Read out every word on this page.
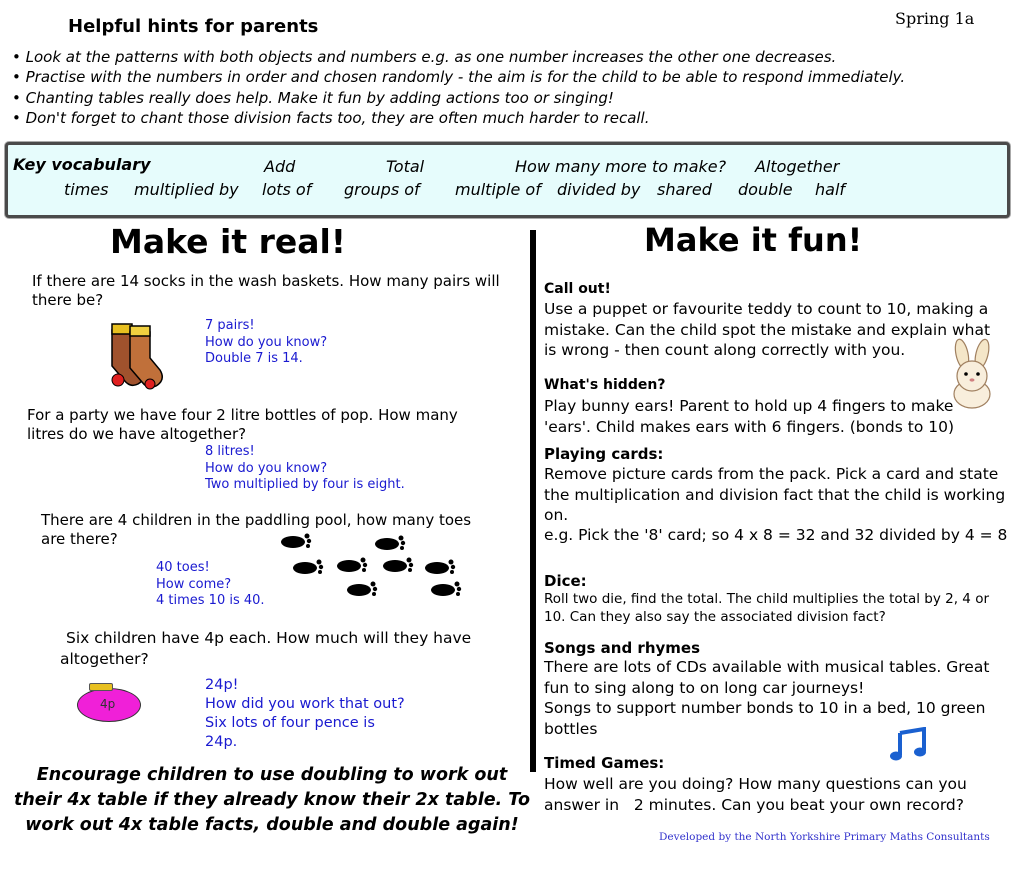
Helpful hints for parents	Spring 1a
• Look at the patterns with both objects and numbers e.g. as one number increases the other one decreases.
• Practise with the numbers in order and chosen randomly - the aim is for the child to be able to respond immediately.
• Chanting tables really does help. Make it fun by adding actions too or singing!
• Don't forget to chant those division facts too, they are often much harder to recall.
Key vocabulary	Add	Total	How many more to make? Altogether
times multiplied by lots of groups of multiple of divided by shared double half
Make it real!
If there are 14 socks in the wash baskets. How many pairs will there be?
7 pairs!
How do you know?
Double 7 is 14.
For a party we have four 2 litre bottles of pop. How many litres do we have altogether?
8 litres!
How do you know?
Two multiplied by four is eight.
There are 4 children in the paddling pool, how many toes are there?
40 toes!
How come?
4 times 10 is 40.
Six children have 4p each. How much will they have altogether?
4p
24p!
How did you work that out?
Six lots of four pence is
24p.
Encourage children to use doubling to work out their 4x table if they already know their 2x table. To work out 4x table facts, double and double again!
Make it fun!
Call out!
Use a puppet or favourite teddy to count to 10, making a mistake. Can the child spot the mistake and explain what is wrong - then count along correctly with you.
What's hidden?
Play bunny ears! Parent to hold up 4 fingers to make 'ears'. Child makes ears with 6 fingers. (bonds to 10)
Playing cards:
Remove picture cards from the pack. Pick a card and state the multiplication and division fact that the child is working on.
e.g. Pick the '8' card; so 4 x 8 = 32 and 32 divided by 4 = 8
Dice:
Roll two die, find the total. The child multiplies the total by 2, 4 or 10. Can they also say the associated division fact?
Songs and rhymes
There are lots of CDs available with musical tables. Great fun to sing along to on long car journeys!
Songs to support number bonds to 10 in a bed, 10 green bottles
Timed Games:
How well are you doing? How many questions can you answer in   2 minutes. Can you beat your own record?
Developed by the North Yorkshire Primary Maths Consultants
